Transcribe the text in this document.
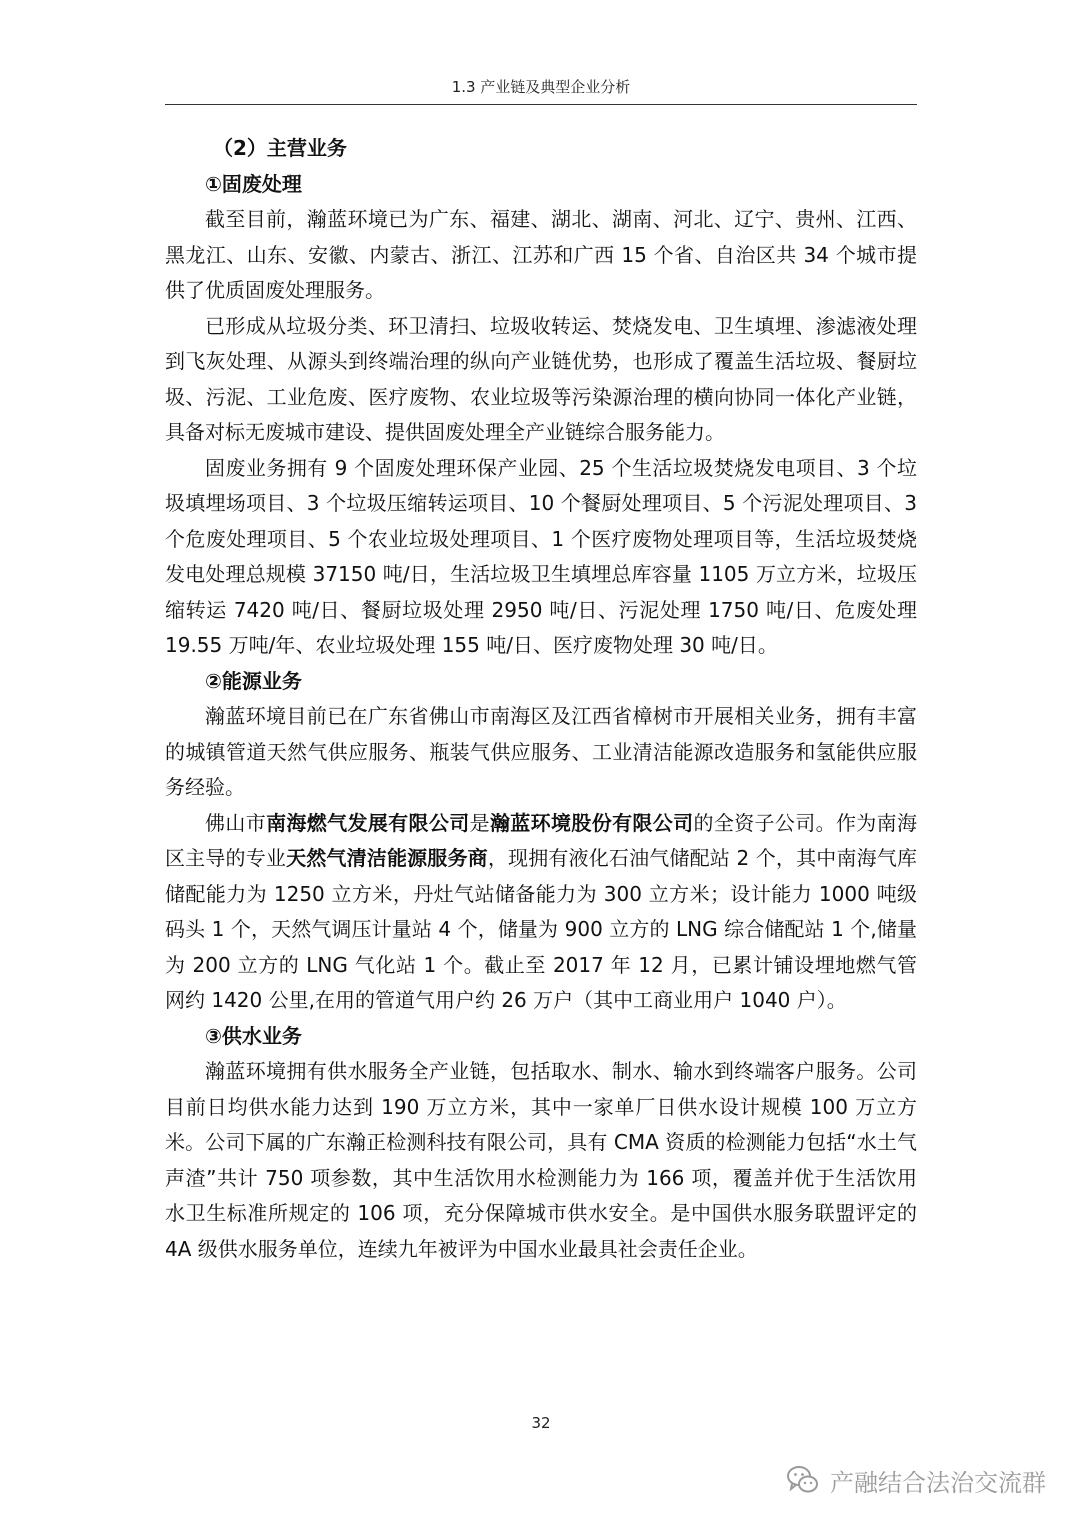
1.3 产业链及典型企业分析
（2）主营业务
①固废处理

截至目前，瀚蓝环境已为广东、福建、湖北、湖南、河北、辽宁、贵州、江西、黑龙江、山东、安徽、内蒙古、浙江、江苏和广西 15 个省、自治区共 34 个城市提供了优质固废处理服务。

已形成从垃圾分类、环卫清扫、垃圾收转运、焚烧发电、卫生填埋、渗滤液处理到飞灰处理、从源头到终端治理的纵向产业链优势，也形成了覆盖生活垃圾、餐厨垃圾、污泥、工业危废、医疗废物、农业垃圾等污染源治理的横向协同一体化产业链，具备对标无废城市建设、提供固废处理全产业链综合服务能力。

固废业务拥有 9 个固废处理环保产业园、25 个生活垃圾焚烧发电项目、3 个垃圾填埋场项目、3 个垃圾压缩转运项目、10 个餐厨处理项目、5 个污泥处理项目、3 个危废处理项目、5 个农业垃圾处理项目、1 个医疗废物处理项目等，生活垃圾焚烧发电处理总规模 37150 吨/日，生活垃圾卫生填埋总库容量 1105 万立方米，垃圾压缩转运 7420 吨/日、餐厨垃圾处理 2950 吨/日、污泥处理 1750 吨/日、危废处理 19.55 万吨/年、农业垃圾处理 155 吨/日、医疗废物处理 30 吨/日。

②能源业务

瀚蓝环境目前已在广东省佛山市南海区及江西省樟树市开展相关业务，拥有丰富的城镇管道天然气供应服务、瓶装气供应服务、工业清洁能源改造服务和氢能供应服务经验。

佛山市南海燃气发展有限公司是瀚蓝环境股份有限公司的全资子公司。作为南海区主导的专业天然气清洁能源服务商，现拥有液化石油气储配站 2 个，其中南海气库储配能力为 1250 立方米，丹灶气站储备能力为 300 立方米；设计能力 1000 吨级码头 1 个，天然气调压计量站 4 个，储量为 900 立方的 LNG 综合储配站 1 个,储量为 200 立方的 LNG 气化站 1 个。截止至 2017 年 12 月，已累计铺设埋地燃气管网约 1420 公里,在用的管道气用户约 26 万户（其中工商业用户 1040 户）。

③供水业务

瀚蓝环境拥有供水服务全产业链，包括取水、制水、输水到终端客户服务。公司目前日均供水能力达到 190 万立方米，其中一家单厂日供水设计规模 100 万立方米。公司下属的广东瀚正检测科技有限公司，具有 CMA 资质的检测能力包括“水土气声渣”共计 750 项参数，其中生活饮用水检测能力为 166 项，覆盖并优于生活饮用水卫生标准所规定的 106 项，充分保障城市供水安全。是中国供水服务联盟评定的 4A 级供水服务单位，连续九年被评为中国水业最具社会责任企业。

32
产融结合法治交流群
